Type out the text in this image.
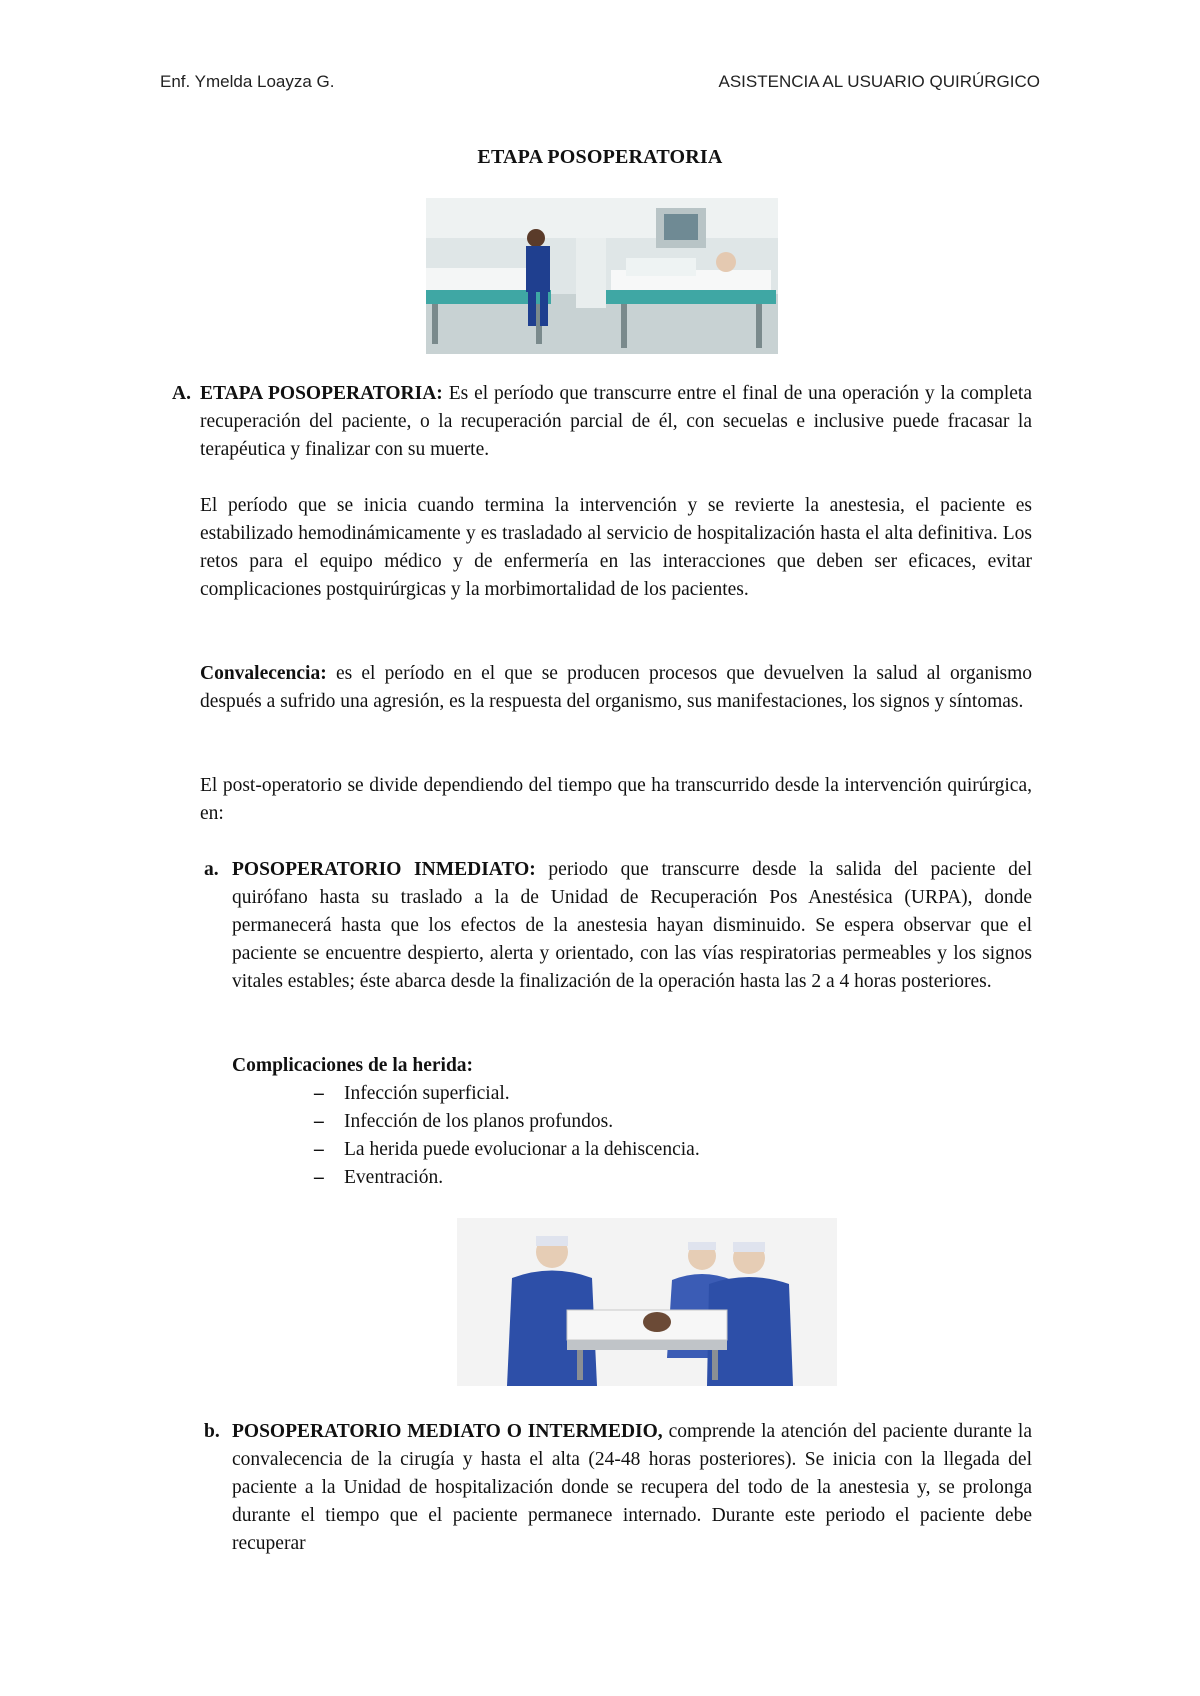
Enf. Ymelda Loayza G.	ASISTENCIA AL USUARIO QUIRÚRGICO
ETAPA POSOPERATORIA
A. ETAPA POSOPERATORIA: Es el período que transcurre entre el final de una operación y la completa recuperación del paciente, o la recuperación parcial de él, con secuelas e inclusive puede fracasar la terapéutica y finalizar con su muerte.

El período que se inicia cuando termina la intervención y se revierte la anestesia, el paciente es estabilizado hemodinámicamente y es trasladado al servicio de hospitalización hasta el alta definitiva. Los retos para el equipo médico y de enfermería en las interacciones que deben ser eficaces, evitar complicaciones postquirúrgicas y la morbimortalidad de los pacientes.

Convalecencia: es el período en el que se producen procesos que devuelven la salud al organismo después a sufrido una agresión, es la respuesta del organismo, sus manifestaciones, los signos y síntomas.

El post-operatorio se divide dependiendo del tiempo que ha transcurrido desde la intervención quirúrgica, en:

a. POSOPERATORIO INMEDIATO: periodo que transcurre desde la salida del paciente del quirófano hasta su traslado a la de Unidad de Recuperación Pos Anestésica (URPA), donde permanecerá hasta que los efectos de la anestesia hayan disminuido. Se espera observar que el paciente se encuentre despierto, alerta y orientado, con las vías respiratorias permeables y los signos vitales estables; éste abarca desde la finalización de la operación hasta las 2 a 4 horas posteriores.

Complicaciones de la herida:
– Infección superficial.
– Infección de los planos profundos.
– La herida puede evolucionar a la dehiscencia.
– Eventración.
b. POSOPERATORIO MEDIATO O INTERMEDIO, comprende la atención del paciente durante la convalecencia de la cirugía y hasta el alta (24-48 horas posteriores). Se inicia con la llegada del paciente a la Unidad de hospitalización donde se recupera del todo de la anestesia y, se prolonga durante el tiempo que el paciente permanece internado. Durante este periodo el paciente debe recuperar
